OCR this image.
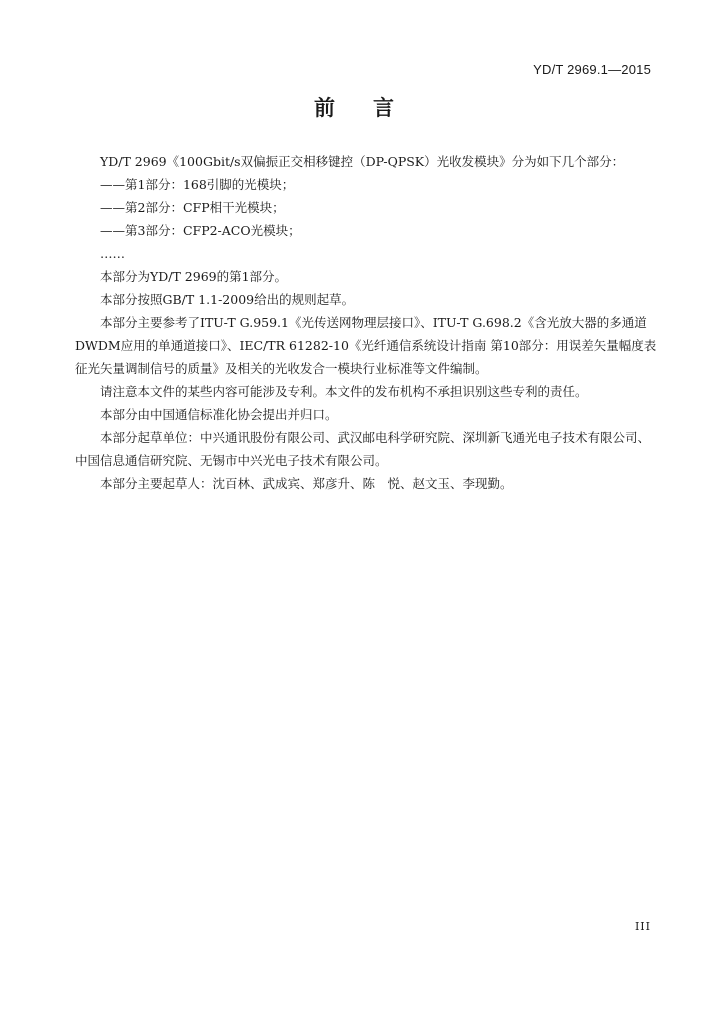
YD/T 2969.1—2015
前言

YD/T 2969《100Gbit/s双偏振正交相移键控（DP-QPSK）光收发模块》分为如下几个部分：

——第1部分：168引脚的光模块；

——第2部分：CFP相干光模块；

——第3部分：CFP2-ACO光模块；

……

本部分为YD/T 2969的第1部分。

本部分按照GB/T 1.1-2009给出的规则起草。

本部分主要参考了ITU-T G.959.1《光传送网物理层接口》、ITU-T G.698.2《含光放大器的多通道

DWDM应用的单通道接口》、IEC/TR 61282-10《光纤通信系统设计指南 第10部分：用误差矢量幅度表

征光矢量调制信号的质量》及相关的光收发合一模块行业标准等文件编制。

请注意本文件的某些内容可能涉及专利。本文件的发布机构不承担识别这些专利的责任。

本部分由中国通信标准化协会提出并归口。

本部分起草单位：中兴通讯股份有限公司、武汉邮电科学研究院、深圳新飞通光电子技术有限公司、

中国信息通信研究院、无锡市中兴光电子技术有限公司。

本部分主要起草人：沈百林、武成宾、郑彦升、陈　悦、赵文玉、李现勤。

III
